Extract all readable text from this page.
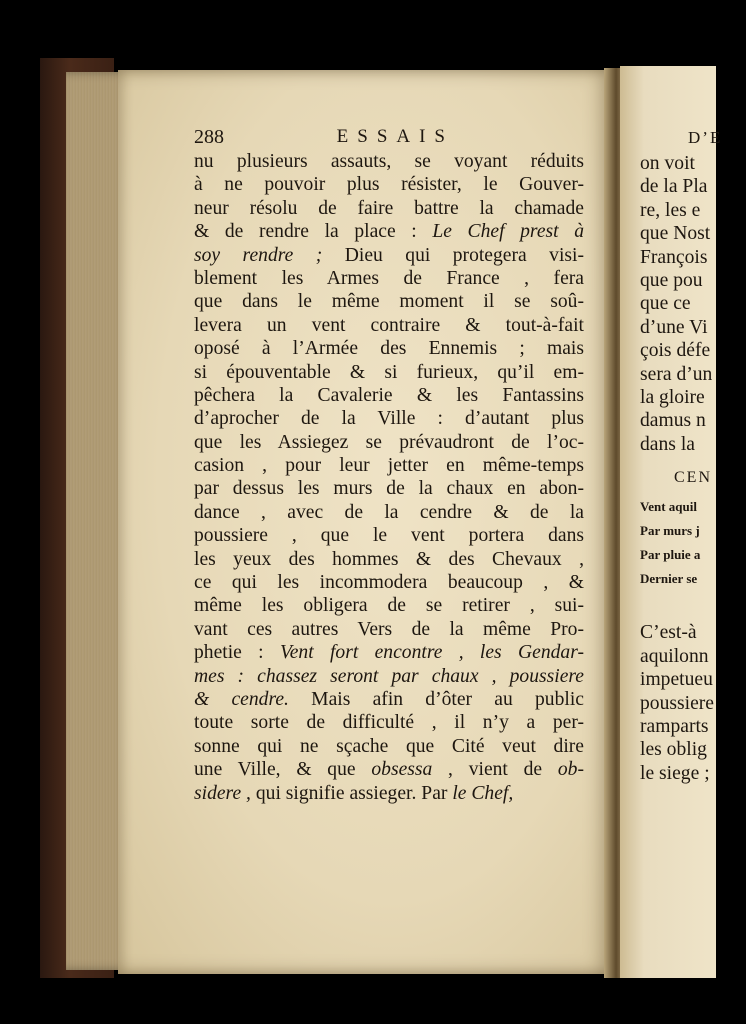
288	ESSAIS
nu plusieurs assauts, se voyant réduits
à ne pouvoir plus résister, le Gouver-
neur résolu de faire battre la chamade
& de rendre la place : Le Chef prest à
soy rendre ; Dieu qui protegera visi-
blement les Armes de France , fera
que dans le même moment il se soû-
levera un vent contraire & tout-à-fait
oposé à l’Armée des Ennemis ; mais
si épouventable & si furieux, qu’il em-
pêchera la Cavalerie & les Fantassins
d’aprocher de la Ville : d’autant plus
que les Assiegez se prévaudront de l’oc-
casion , pour leur jetter en même-temps
par dessus les murs de la chaux en abon-
dance , avec de la cendre & de la
poussiere , que le vent portera dans
les yeux des hommes & des Chevaux ,
ce qui les incommodera beaucoup , &
même les obligera de se retirer , sui-
vant ces autres Vers de la même Pro-
phetie : Vent fort encontre , les Gendar-
mes : chassez seront par chaux , poussiere
& cendre. Mais afin d’ôter au public
toute sorte de difficulté , il n’y a per-
sonne qui ne sçache que Cité veut dire
une Ville, & que obsessa , vient de ob-
sidere , qui signifie assieger. Par le Chef,
D’E
on voit
de la Pla
re, les e
que Nost
François
que pou
que ce
d’une Vi
çois défe
sera d’un
la gloire
damus n
dans la
CEN
Vent aquil
Par murs j
Par pluie a
Dernier se
C’est-à
aquilonn
impetueu
poussiere
ramparts
les oblig
le siege ;
